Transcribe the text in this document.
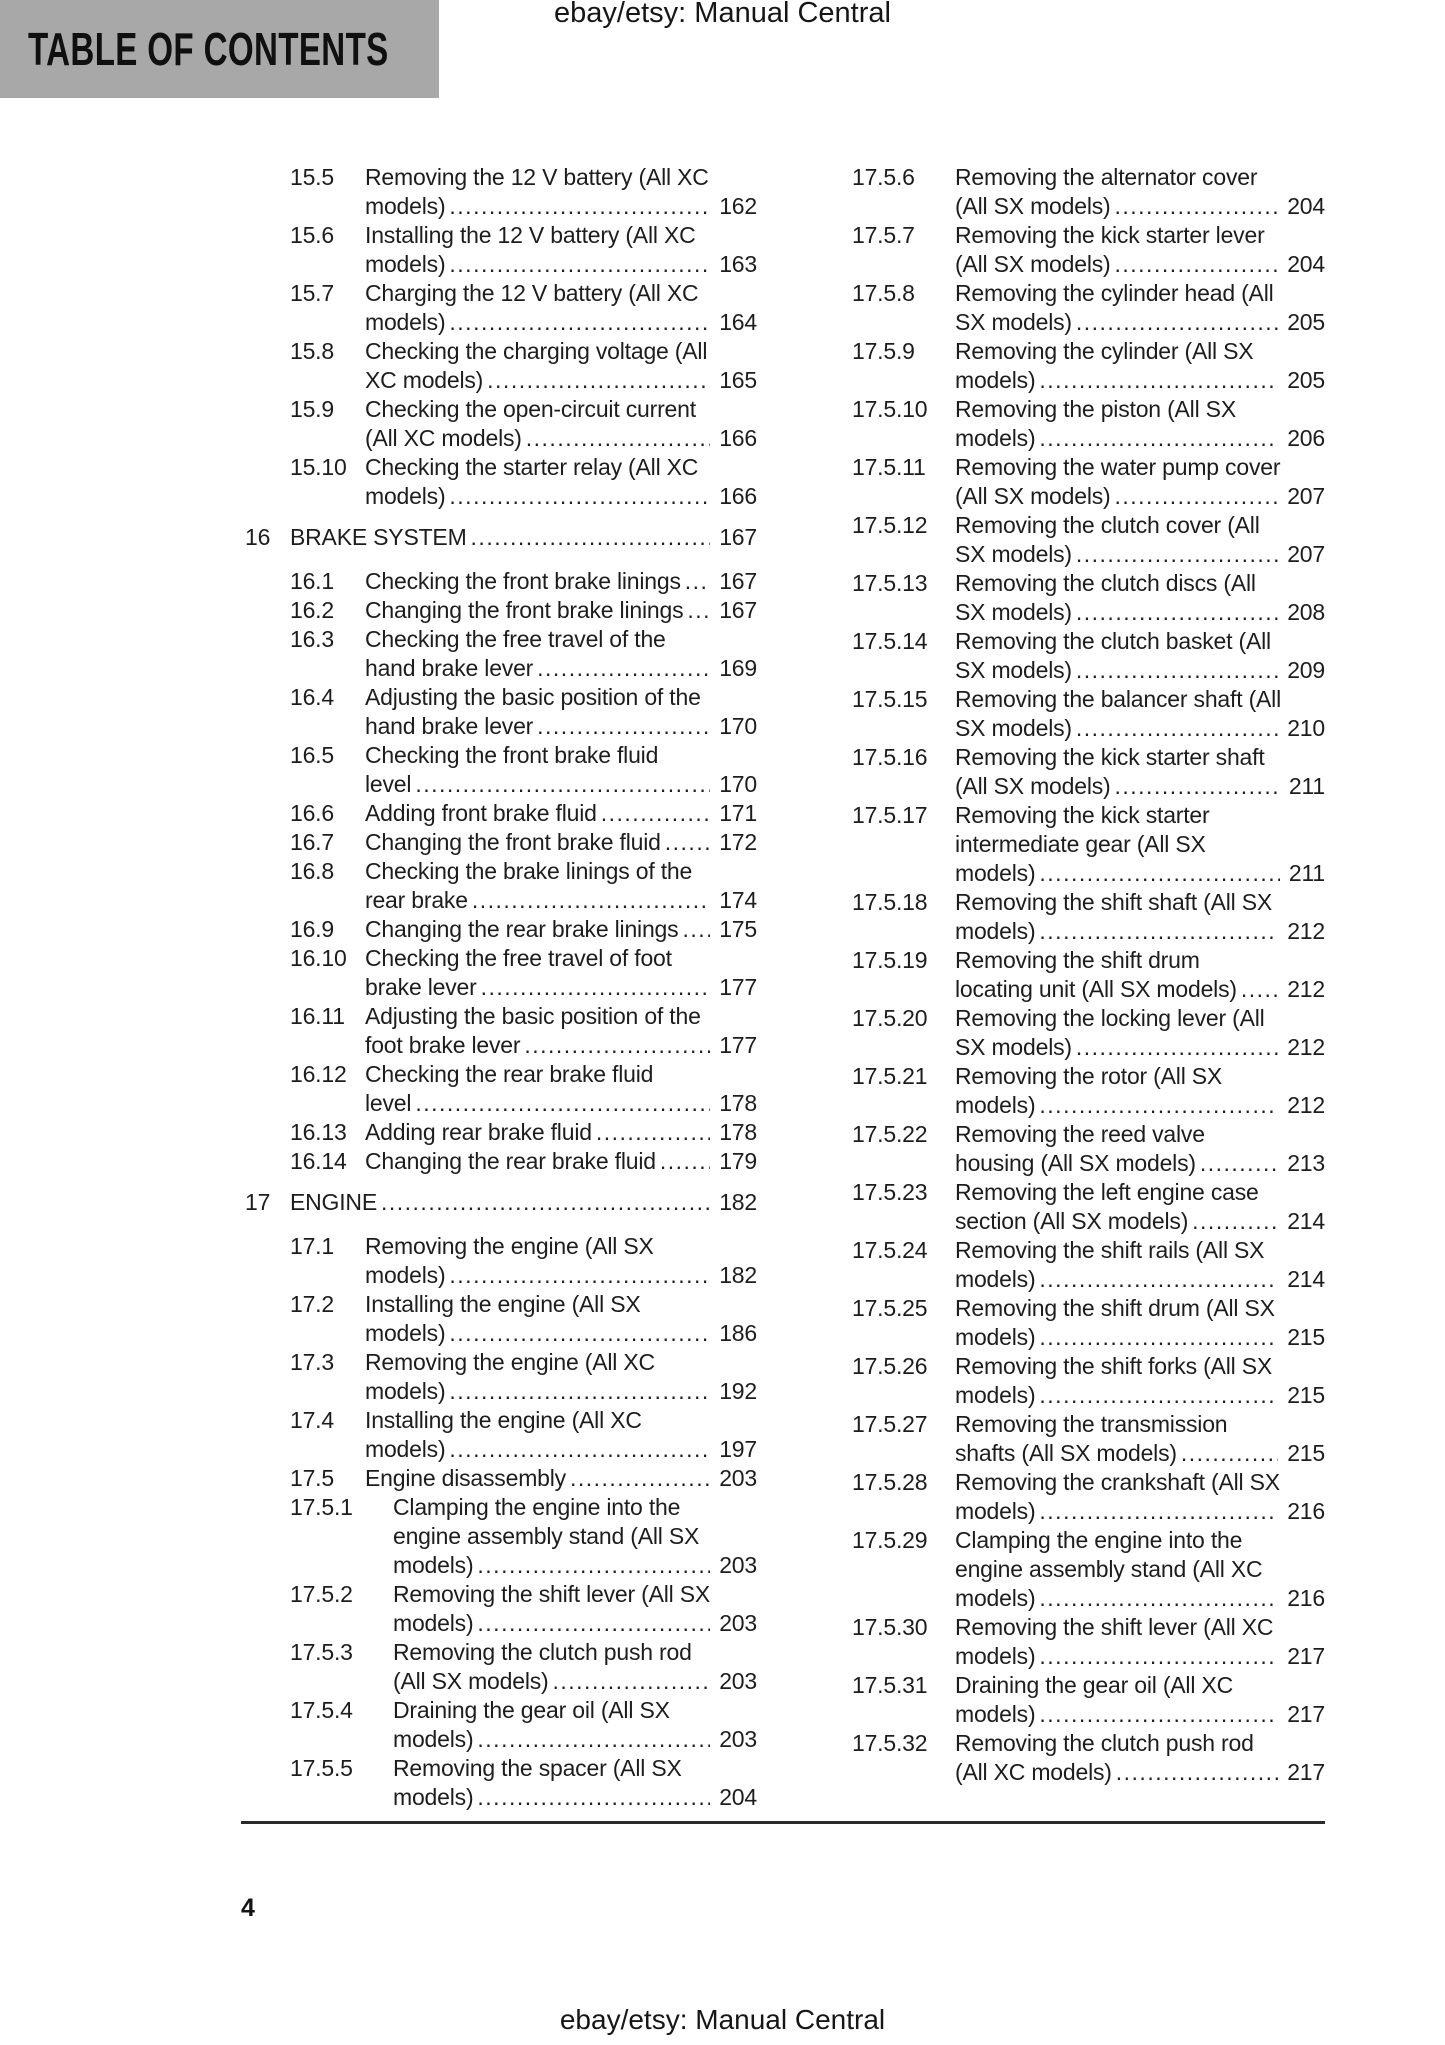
TABLE OF CONTENTS
ebay/etsy: Manual Central
15.5	Removing the 12 V battery (All XC
models) .....	162
15.6	Installing the 12 V battery (All XC
models) .....	163
15.7	Charging the 12 V battery (All XC
models) .....	164
15.8	Checking the charging voltage (All
XC models) .....	165
15.9	Checking the open-circuit current
(All XC models) .....	166
15.10 Checking the starter relay (All XC
models) .....	166
16 BRAKE SYSTEM .....	167
16.1	Checking the front brake linings .....	167
16.2	Changing the front brake linings .....	167
16.3	Checking the free travel of the
hand brake lever .....	169
16.4	Adjusting the basic position of the
hand brake lever .....	170
16.5	Checking the front brake fluid
level .....	170
16.6	Adding front brake fluid .....	171
16.7	Changing the front brake fluid .....	172
16.8	Checking the brake linings of the
rear brake .....	174
16.9	Changing the rear brake linings .....	175
16.10 Checking the free travel of foot
brake lever .....	177
16.11 Adjusting the basic position of the
foot brake lever .....	177
16.12 Checking the rear brake fluid
level .....	178
16.13 Adding rear brake fluid .....	178
16.14 Changing the rear brake fluid .....	179
17 ENGINE .....	182
17.1	Removing the engine (All SX
models) .....	182
17.2	Installing the engine (All SX
models) .....	186
17.3	Removing the engine (All XC
models) .....	192
17.4	Installing the engine (All XC
models) .....	197
17.5	Engine disassembly .....	203
17.5.1	Clamping the engine into the
engine assembly stand (All SX
models) .....	203
17.5.2	Removing the shift lever (All SX
models) .....	203
17.5.3	Removing the clutch push rod
(All SX models) .....	203
17.5.4	Draining the gear oil (All SX
models) .....	203
17.5.5	Removing the spacer (All SX
models) .....	204
17.5.6	Removing the alternator cover
(All SX models) .....	204
17.5.7	Removing the kick starter lever
(All SX models) .....	204
17.5.8	Removing the cylinder head (All
SX models) .....	205
17.5.9	Removing the cylinder (All SX
models) .....	205
17.5.10	Removing the piston (All SX
models) .....	206
17.5.11	Removing the water pump cover
(All SX models) .....	207
17.5.12	Removing the clutch cover (All
SX models) .....	207
17.5.13	Removing the clutch discs (All
SX models) .....	208
17.5.14	Removing the clutch basket (All
SX models) .....	209
17.5.15	Removing the balancer shaft (All
SX models) .....	210
17.5.16	Removing the kick starter shaft
(All SX models) .....	211
17.5.17	Removing the kick starter
intermediate gear (All SX
models) .....	211
17.5.18	Removing the shift shaft (All SX
models) .....	212
17.5.19	Removing the shift drum
locating unit (All SX models) .....	212
17.5.20	Removing the locking lever (All
SX models) .....	212
17.5.21	Removing the rotor (All SX
models) .....	212
17.5.22	Removing the reed valve
housing (All SX models) .....	213
17.5.23	Removing the left engine case
section (All SX models) .....	214
17.5.24	Removing the shift rails (All SX
models) .....	214
17.5.25	Removing the shift drum (All SX
models) .....	215
17.5.26	Removing the shift forks (All SX
models) .....	215
17.5.27	Removing the transmission
shafts (All SX models) .....	215
17.5.28	Removing the crankshaft (All SX
models) .....	216
17.5.29	Clamping the engine into the
engine assembly stand (All XC
models) .....	216
17.5.30	Removing the shift lever (All XC
models) .....	217
17.5.31	Draining the gear oil (All XC
models) .....	217
17.5.32	Removing the clutch push rod
(All XC models) .....	217
4
ebay/etsy: Manual Central
